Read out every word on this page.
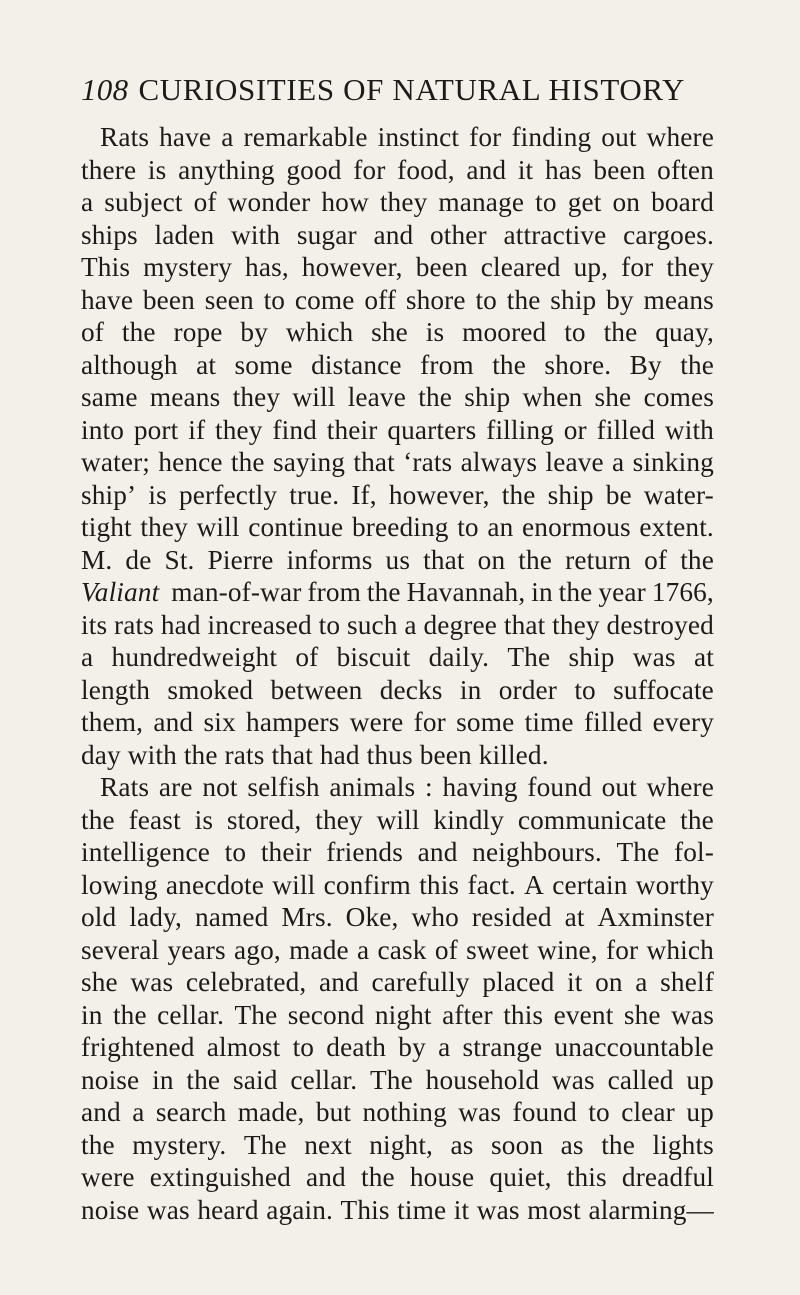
108 CURIOSITIES OF NATURAL HISTORY
Rats have a remarkable instinct for finding out where
there is anything good for food, and it has been often
a subject of wonder how they manage to get on board
ships laden with sugar and other attractive cargoes.
This mystery has, however, been cleared up, for they
have been seen to come off shore to the ship by means
of the rope by which she is moored to the quay,
although at some distance from the shore. By the
same means they will leave the ship when she comes
into port if they find their quarters filling or filled with
water; hence the saying that ‘rats always leave a sinking
ship’ is perfectly true. If, however, the ship be water-
tight they will continue breeding to an enormous extent.
M. de St. Pierre informs us that on the return of the
Valiant man-of-war from the Havannah, in the year 1766,
its rats had increased to such a degree that they destroyed
a hundredweight of biscuit daily. The ship was at
length smoked between decks in order to suffocate
them, and six hampers were for some time filled every
day with the rats that had thus been killed.
Rats are not selfish animals : having found out where
the feast is stored, they will kindly communicate the
intelligence to their friends and neighbours. The fol-
lowing anecdote will confirm this fact. A certain worthy
old lady, named Mrs. Oke, who resided at Axminster
several years ago, made a cask of sweet wine, for which
she was celebrated, and carefully placed it on a shelf
in the cellar. The second night after this event she was
frightened almost to death by a strange unaccountable
noise in the said cellar. The household was called up
and a search made, but nothing was found to clear up
the mystery. The next night, as soon as the lights
were extinguished and the house quiet, this dreadful
noise was heard again. This time it was most alarming—
